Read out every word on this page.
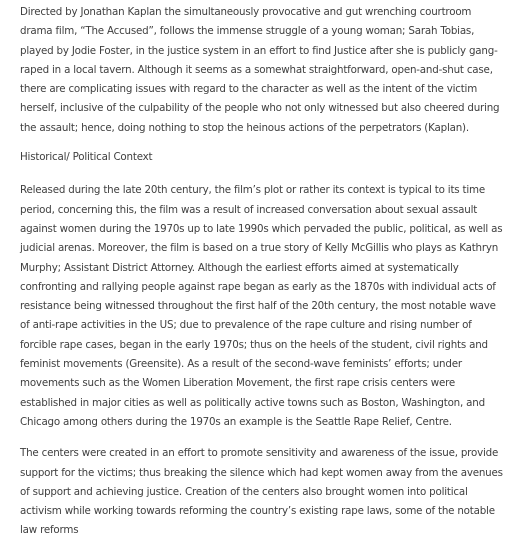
Directed by Jonathan Kaplan the simultaneously provocative and gut wrenching courtroom drama film, “The Accused”, follows the immense struggle of a young woman; Sarah Tobias, played by Jodie Foster, in the justice system in an effort to find Justice after she is publicly gang-raped in a local tavern. Although it seems as a somewhat straightforward, open-and-shut case, there are complicating issues with regard to the character as well as the intent of the victim herself, inclusive of the culpability of the people who not only witnessed but also cheered during the assault; hence, doing nothing to stop the heinous actions of the perpetrators (Kaplan).

Historical/ Political Context

Released during the late 20th century, the film’s plot or rather its context is typical to its time period, concerning this, the film was a result of increased conversation about sexual assault against women during the 1970s up to late 1990s which pervaded the public, political, as well as judicial arenas. Moreover, the film is based on a true story of Kelly McGillis who plays as Kathryn Murphy; Assistant District Attorney. Although the earliest efforts aimed at systematically confronting and rallying people against rape began as early as the 1870s with individual acts of resistance being witnessed throughout the first half of the 20th century, the most notable wave of anti-rape activities in the US; due to prevalence of the rape culture and rising number of forcible rape cases, began in the early 1970s; thus on the heels of the student, civil rights and feminist movements (Greensite). As a result of the second-wave feminists’ efforts; under movements such as the Women Liberation Movement, the first rape crisis centers were established in major cities as well as politically active towns such as Boston, Washington, and Chicago among others during the 1970s an example is the Seattle Rape Relief, Centre.

The centers were created in an effort to promote sensitivity and awareness of the issue, provide support for the victims; thus breaking the silence which had kept women away from the avenues of support and achieving justice. Creation of the centers also brought women into political activism while working towards reforming the country’s existing rape laws, some of the notable law reforms
